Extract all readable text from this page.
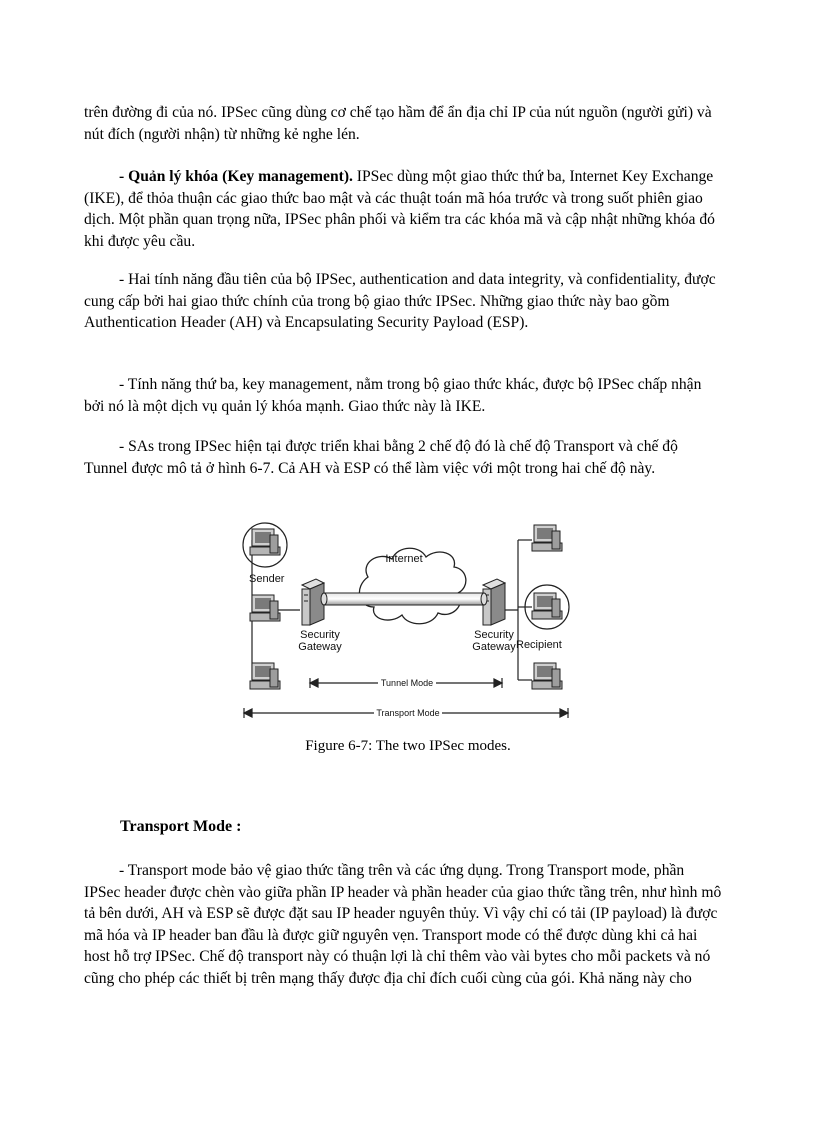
trên đường đi của nó. IPSec cũng dùng cơ chế tạo hầm để ẩn địa chỉ IP của nút nguồn (người gửi) và nút đích (người nhận) từ những kẻ nghe lén.

- Quản lý khóa (Key management). IPSec dùng một giao thức thứ ba, Internet Key Exchange (IKE), để thỏa thuận các giao thức bao mật và các thuật toán mã hóa trước và trong suốt phiên giao dịch. Một phần quan trọng nữa, IPSec phân phối và kiểm tra các khóa mã và cập nhật những khóa đó khi được yêu cầu.

- Hai tính năng đầu tiên của bộ IPSec, authentication and data integrity, và confidentiality, được cung cấp bởi hai giao thức chính của trong bộ giao thức IPSec. Những giao thức này bao gồm Authentication Header (AH) và Encapsulating Security Payload (ESP).

- Tính năng thứ ba, key management, nằm trong bộ giao thức khác, được bộ IPSec chấp nhận bởi nó là một dịch vụ quản lý khóa mạnh. Giao thức này là IKE.

- SAs trong IPSec hiện tại được triển khai bằng 2 chế độ đó là chế độ Transport và chế độ Tunnel được mô tả ở hình 6-7. Cả AH và ESP có thể làm việc với một trong hai chế độ này.

Internet
Sender
Recipient
Security
Gateway
Security
Gateway
Tunnel Mode
Transport Mode
Figure 6-7: The two IPSec modes.
Transport Mode :

- Transport mode bảo vệ giao thức tầng trên và các ứng dụng. Trong Transport mode, phần IPSec header được chèn vào giữa phần IP header và phần header của giao thức tầng trên, như hình mô tả bên dưới, AH và ESP sẽ được đặt sau IP header nguyên thủy. Vì vậy chỉ có tải (IP payload) là được mã hóa và IP header ban đầu là được giữ nguyên vẹn. Transport mode có thể được dùng khi cả hai host hỗ trợ IPSec. Chế độ transport này có thuận lợi là chỉ thêm vào vài bytes cho mỗi packets và nó cũng cho phép các thiết bị trên mạng thấy được địa chỉ đích cuối cùng của gói. Khả năng này cho
